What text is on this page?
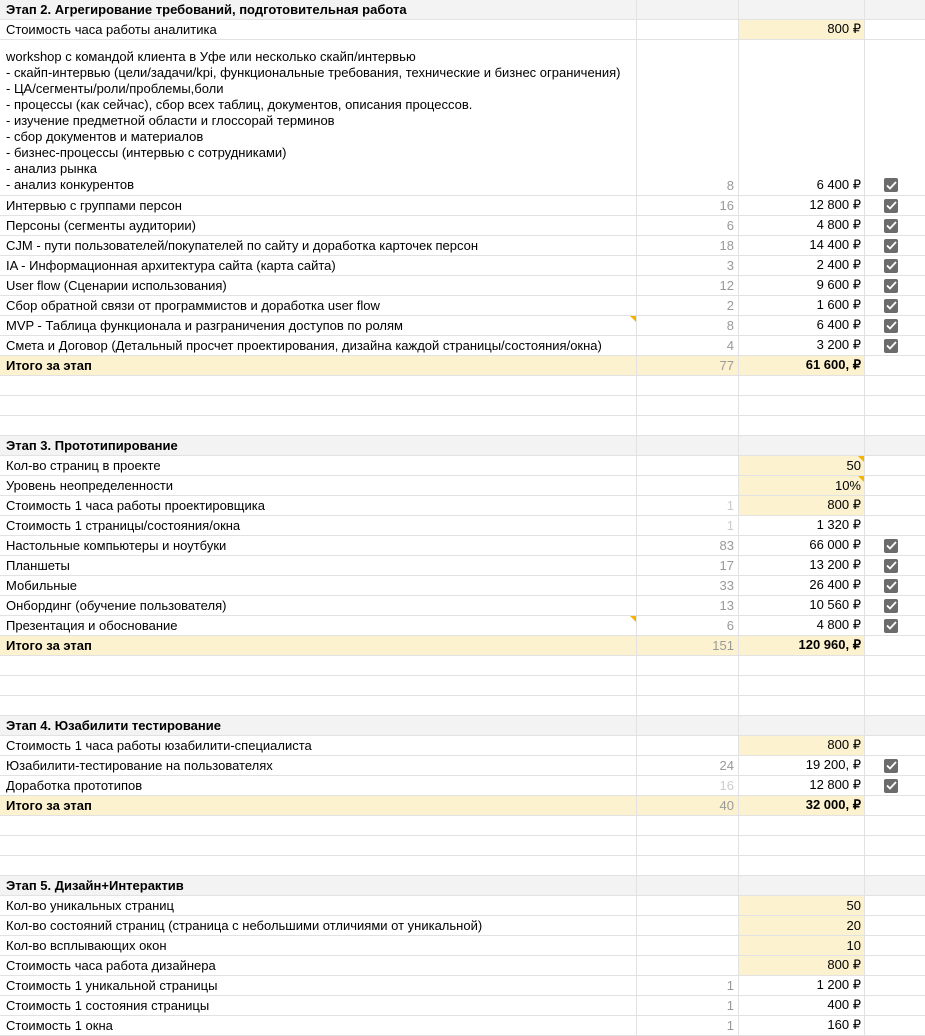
Этап 2. Агрегирование требований, подготовительная работа
Стоимость часа работы аналитика	800 ₽
workshop с командой клиента в Уфе или несколько скайп/интервью
- скайп-интервью (цели/задачи/kpi, функциональные требования, технические и бизнес ограничения)
- ЦА/сегменты/роли/проблемы,боли
- процессы (как сейчас), сбор всех таблиц, документов, описания процессов.
- изучение предметной области и глоссорай терминов
- сбор документов и материалов
- бизнес-процессы (интервью с сотрудниками)
- анализ рынка
- анализ конкурентов	8	6 400 ₽
Интервью с группами персон	16	12 800 ₽
Персоны (сегменты аудитории)	6	4 800 ₽
CJM - пути пользователей/покупателей по сайту и доработка карточек персон	18	14 400 ₽
IA - Информационная архитектура сайта (карта сайта)	3	2 400 ₽
User flow (Сценарии использования)	12	9 600 ₽
Сбор обратной связи от программистов и доработка user flow	2	1 600 ₽
MVP - Таблица функционала и разграничения доступов по ролям	8	6 400 ₽
Смета и Договор (Детальный просчет проектирования, дизайна каждой страницы/состояния/окна)	4	3 200 ₽
Итого за этап	77	61 600, ₽
Этап 3. Прототипирование
Кол-во страниц в проекте	50
Уровень неопределенности	10%
Стоимость 1 часа работы проектировщика	1	800 ₽
Стоимость 1 страницы/состояния/окна	1	1 320 ₽
Настольные компьютеры и ноутбуки	83	66 000 ₽
Планшеты	17	13 200 ₽
Мобильные	33	26 400 ₽
Онбординг (обучение пользователя)	13	10 560 ₽
Презентация и обоснование	6	4 800 ₽
Итого за этап	151	120 960, ₽
Этап 4. Юзабилити тестирование
Стоимость 1 часа работы юзабилити-специалиста	800 ₽
Юзабилити-тестирование на пользователях	24	19 200, ₽
Доработка прототипов	16	12 800 ₽
Итого за этап	40	32 000, ₽
Этап 5. Дизайн+Интерактив
Кол-во уникальных страниц	50
Кол-во состояний страниц (страница с небольшими отличиями от уникальной)	20
Кол-во всплывающих окон	10
Стоимость часа работа дизайнера	800 ₽
Стоимость 1 уникальной страницы	1	1 200 ₽
Стоимость 1 состояния страницы	1	400 ₽
Стоимость 1 окна	1	160 ₽
